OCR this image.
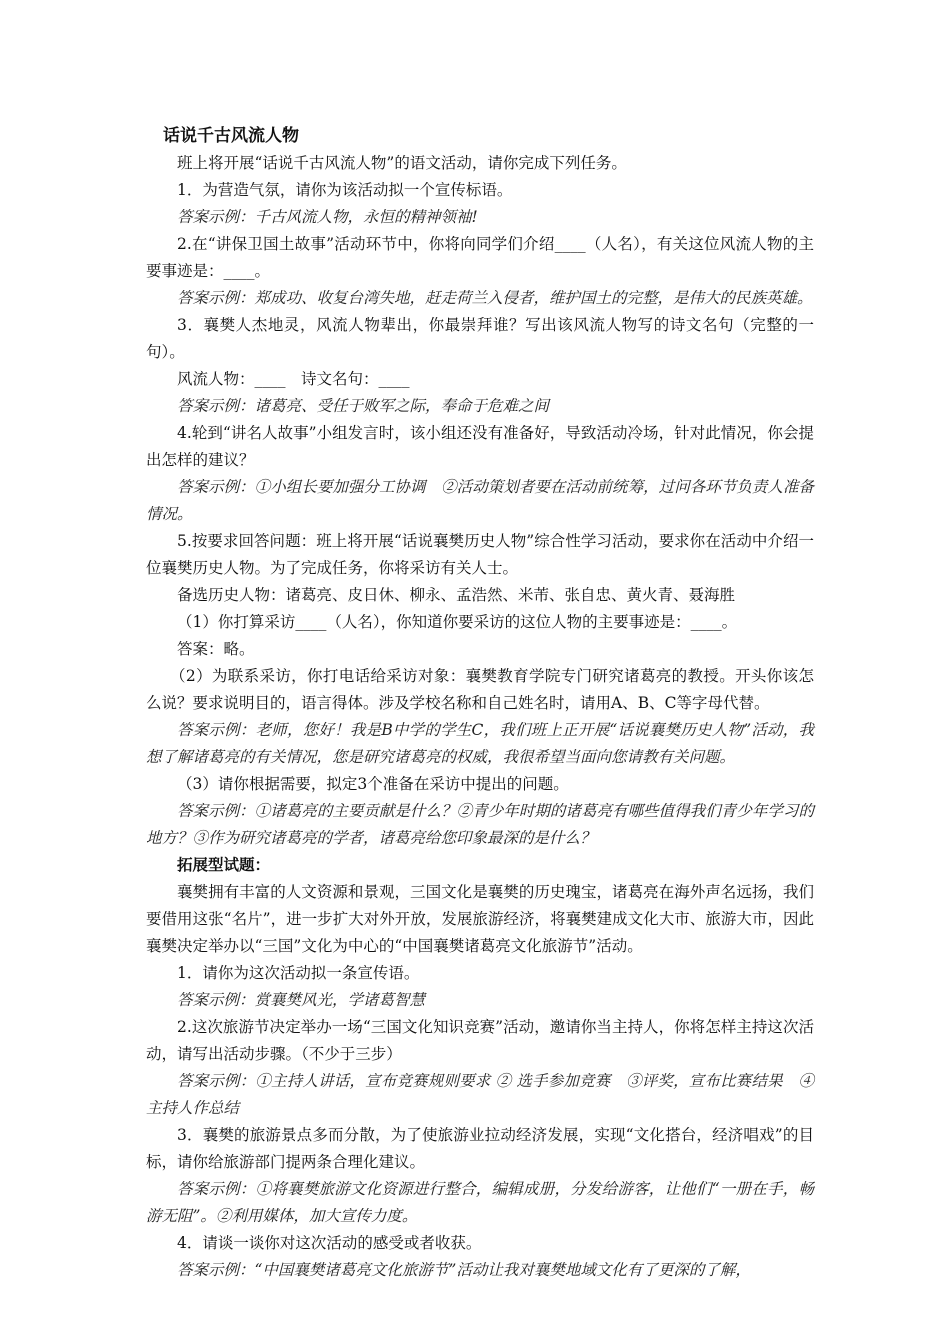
话说千古风流人物

班上将开展“话说千古风流人物”的语文活动，请你完成下列任务。

1．为营造气氛，请你为该活动拟一个宣传标语。

答案示例：千古风流人物，永恒的精神领袖!

2.在“讲保卫国土故事”活动环节中，你将向同学们介绍____（人名），有关这位风流人物的主要事迹是：____。

答案示例：郑成功、收复台湾失地，赶走荷兰入侵者，维护国土的完整，是伟大的民族英雄。

3．襄樊人杰地灵，风流人物辈出，你最崇拜谁？写出该风流人物写的诗文名句（完整的一句）。

风流人物：____　诗文名句：____

答案示例：诸葛亮、受任于败军之际，奉命于危难之间

4.轮到“讲名人故事”小组发言时，该小组还没有准备好，导致活动冷场，针对此情况，你会提出怎样的建议？

答案示例：①小组长要加强分工协调　②活动策划者要在活动前统筹，过问各环节负责人准备情况。

5.按要求回答问题：班上将开展“话说襄樊历史人物”综合性学习活动，要求你在活动中介绍一位襄樊历史人物。为了完成任务，你将采访有关人士。

备选历史人物：诸葛亮、皮日休、柳永、孟浩然、米芾、张自忠、黄火青、聂海胜

（1）你打算采访____（人名），你知道你要采访的这位人物的主要事迹是：____。

答案：略。

（2）为联系采访，你打电话给采访对象：襄樊教育学院专门研究诸葛亮的教授。开头你该怎么说？要求说明目的，语言得体。涉及学校名称和自己姓名时，请用A、B、C等字母代替。

答案示例：老师，您好！我是B中学的学生C，我们班上正开展“话说襄樊历史人物”活动，我想了解诸葛亮的有关情况，您是研究诸葛亮的权威，我很希望当面向您请教有关问题。

（3）请你根据需要，拟定3个准备在采访中提出的问题。

答案示例：①诸葛亮的主要贡献是什么？②青少年时期的诸葛亮有哪些值得我们青少年学习的地方？③作为研究诸葛亮的学者，诸葛亮给您印象最深的是什么？

拓展型试题：

襄樊拥有丰富的人文资源和景观，三国文化是襄樊的历史瑰宝，诸葛亮在海外声名远扬，我们要借用这张“名片”，进一步扩大对外开放，发展旅游经济，将襄樊建成文化大市、旅游大市，因此襄樊决定举办以“三国”文化为中心的“中国襄樊诸葛亮文化旅游节”活动。

1．请你为这次活动拟一条宣传语。

答案示例：赏襄樊风光，学诸葛智慧

2.这次旅游节决定举办一场“三国文化知识竞赛”活动，邀请你当主持人，你将怎样主持这次活动，请写出活动步骤。（不少于三步）

答案示例：①主持人讲话，宣布竞赛规则要求 ② 选手参加竞赛　③评奖，宣布比赛结果　④ 主持人作总结

3．襄樊的旅游景点多而分散，为了使旅游业拉动经济发展，实现“文化搭台，经济唱戏”的目标，请你给旅游部门提两条合理化建议。

答案示例：①将襄樊旅游文化资源进行整合，编辑成册，分发给游客，让他们“一册在手，畅游无阻”。②利用媒体，加大宣传力度。

4．请谈一谈你对这次活动的感受或者收获。

答案示例：“中国襄樊诸葛亮文化旅游节”活动让我对襄樊地域文化有了更深的了解，
